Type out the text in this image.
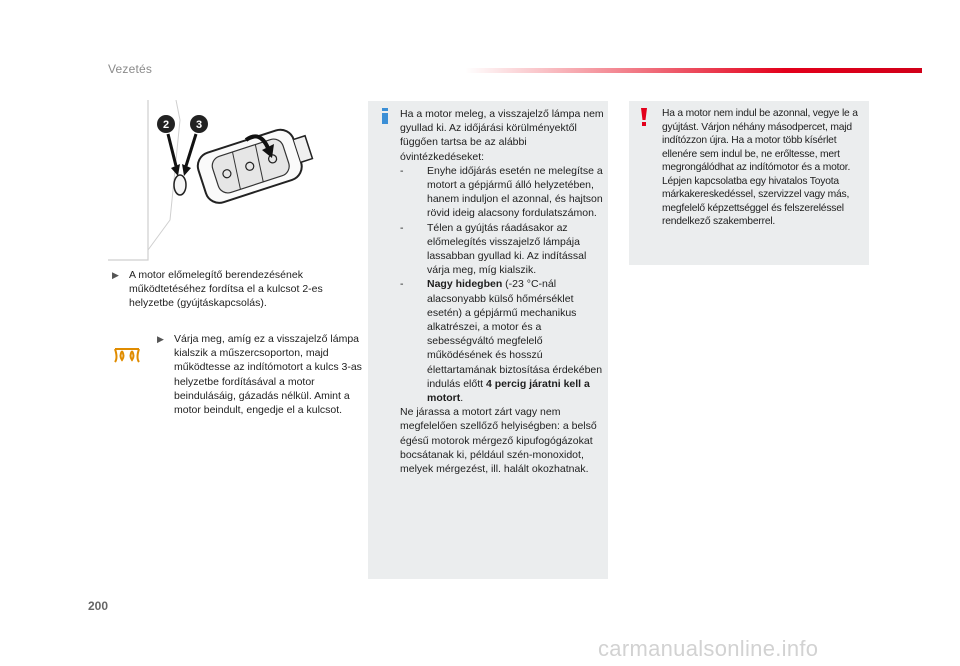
Vezetés
2 3
▶ A motor előmelegítő berendezésének működtetéséhez fordítsa el a kulcsot 2-es helyzetbe (gyújtáskapcsolás).
▶ Várja meg, amíg ez a visszajelző lámpa kialszik a műszercsoporton, majd működtesse az indítómotort a kulcs 3-as helyzetbe fordításával a motor beindulásáig, gázadás nélkül. Amint a motor beindult, engedje el a kulcsot.
Ha a motor meleg, a visszajelző lámpa nem gyullad ki. Az időjárási körülményektől függően tartsa be az alábbi óvintézkedéseket:
-	Enyhe időjárás esetén ne melegítse a motort a gépjármű álló helyzetében, hanem induljon el azonnal, és hajtson rövid ideig alacsony fordulatszámon.
-	Télen a gyújtás ráadásakor az előmelegítés visszajelző lámpája lassabban gyullad ki. Az indítással várja meg, míg kialszik.
-	Nagy hidegben (-23 °C-nál alacsonyabb külső hőmérséklet esetén) a gépjármű mechanikus alkatrészei, a motor és a sebességváltó megfelelő működésének és hosszú élettartamának biztosítása érdekében indulás előtt 4 percig járatni kell a motort.
Ne járassa a motort zárt vagy nem megfelelően szellőző helyiségben: a belső égésű motorok mérgező kipufogógázokat bocsátanak ki, például szén-monoxidot, melyek mérgezést, ill. halált okozhatnak.
Ha a motor nem indul be azonnal, vegye le a gyújtást. Várjon néhány másodpercet, majd indítózzon újra. Ha a motor több kísérlet ellenére sem indul be, ne erőltesse, mert megrongálódhat az indítómotor és a motor. Lépjen kapcsolatba egy hivatalos Toyota márkakereskedéssel, szervizzel vagy más, megfelelő képzettséggel és felszereléssel rendelkező szakemberrel.
200
carmanualsonline.info
